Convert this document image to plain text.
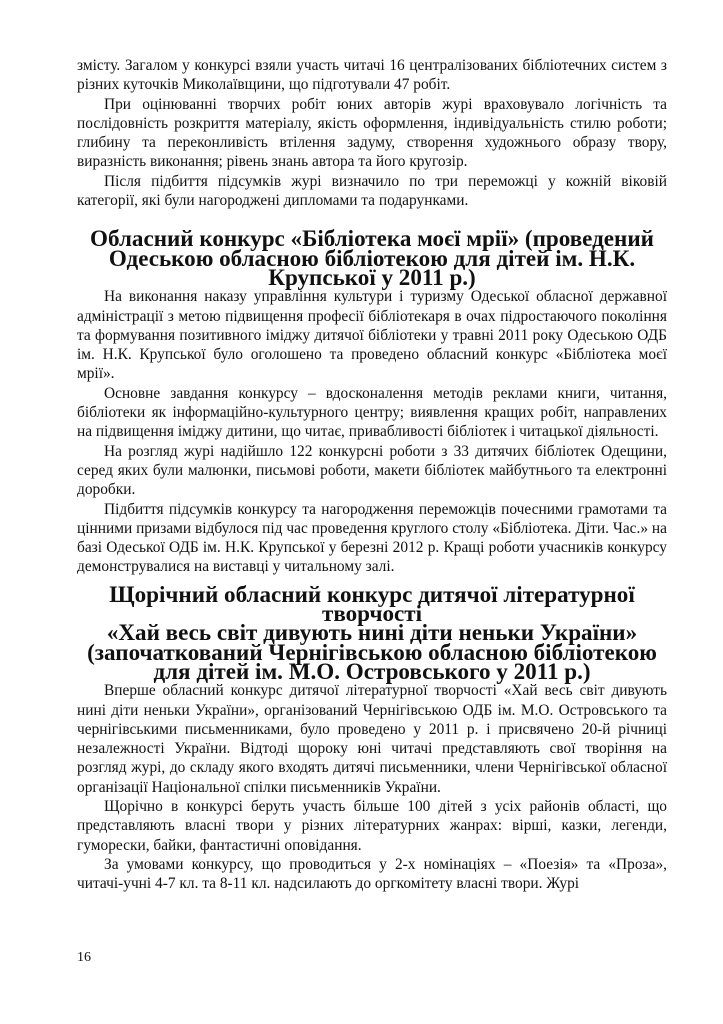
змісту. Загалом у конкурсі взяли участь читачі 16 централізованих бібліотечних систем з різних куточків Миколаївщини, що підготували 47 робіт.

При оцінюванні творчих робіт юних авторів журі враховувало логічність та послідовність розкриття матеріалу, якість оформлення, індивідуальність стилю роботи; глибину та переконливість втілення задуму, створення художнього образу твору, виразність виконання; рівень знань автора та його кругозір.

Після підбиття підсумків журі визначило по три переможці у кожній віковій категорії, які були нагороджені дипломами та подарунками.

Обласний конкурс «Бібліотека моєї мрії» (проведений
Одеською обласною бібліотекою для дітей ім. Н.К. Крупської у 2011 р.)

На виконання наказу управління культури і туризму Одеської обласної державної адміністрації з метою підвищення професії бібліотекаря в очах підростаючого покоління та формування позитивного іміджу дитячої бібліотеки у травні 2011 року Одеською ОДБ ім. Н.К. Крупської було оголошено та проведено обласний конкурс «Бібліотека моєї мрії».

Основне завдання конкурсу – вдосконалення методів реклами книги, читання, бібліотеки як інформаційно-культурного центру; виявлення кращих робіт, направлених на підвищення іміджу дитини, що читає, привабливості бібліотек і читацької діяльності.

На розгляд журі надійшло 122 конкурсні роботи з 33 дитячих бібліотек Одещини, серед яких були малюнки, письмові роботи, макети бібліотек майбутнього та електронні доробки.

Підбиття підсумків конкурсу та нагородження переможців почесними грамотами та цінними призами відбулося під час проведення круглого столу «Бібліотека. Діти. Час.» на базі Одеської ОДБ ім. Н.К. Крупської у березні 2012 р. Кращі роботи учасників конкурсу демонструвалися на виставці у читальному залі.

Щорічний обласний конкурс дитячої літературної творчості
«Хай весь світ дивують нині діти неньки України»
(започаткований Чернігівською обласною бібліотекою
для дітей ім. М.О. Островського у 2011 р.)

Вперше обласний конкурс дитячої літературної творчості «Хай весь світ дивують нині діти неньки України», організований Чернігівською ОДБ ім. М.О. Островського та чернігівськими письменниками, було проведено у 2011 р. і присвячено 20-й річниці незалежності України. Відтоді щороку юні читачі представляють свої творіння на розгляд журі, до складу якого входять дитячі письменники, члени Чернігівської обласної організації Національної спілки письменників України.

Щорічно в конкурсі беруть участь більше 100 дітей з усіх районів області, що представляють власні твори у різних літературних жанрах: вірші, казки, легенди, гуморески, байки, фантастичні оповідання.

За умовами конкурсу, що проводиться у 2-х номінаціях – «Поезія» та «Проза», читачі-учні 4-7 кл. та 8-11 кл. надсилають до оргкомітету власні твори. Журі

16
